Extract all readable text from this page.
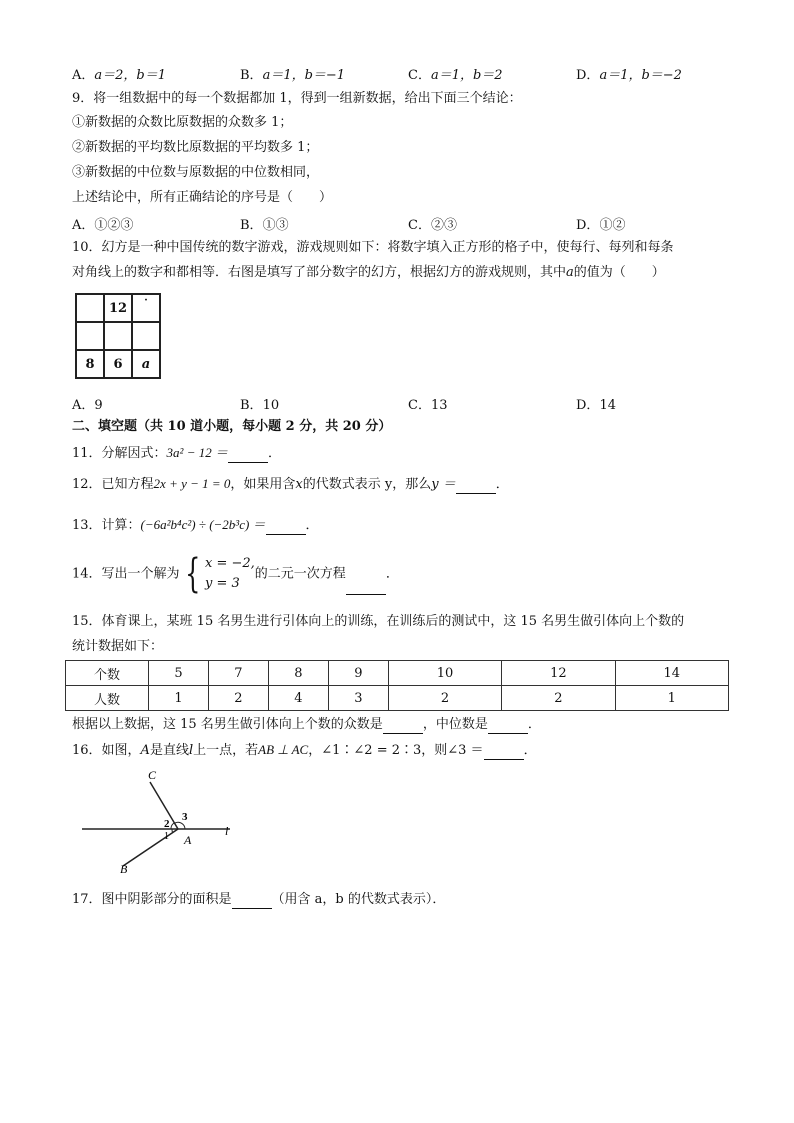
A．a＝2，b＝1	B．a＝1，b＝−1	C．a＝1，b＝2	D．a＝1，b＝−2
9．将一组数据中的每一个数据都加 1，得到一组新数据，给出下面三个结论：
①新数据的众数比原数据的众数多 1；
②新数据的平均数比原数据的平均数多 1；
③新数据的中位数与原数据的中位数相同，
上述结论中，所有正确结论的序号是（　　）
A．①②③	B．①③	C．②③	D．①②
10．幻方是一种中国传统的数字游戏，游戏规则如下：将数字填入正方形的格子中，使每行、每列和每条
对角线上的数字和都相等．右图是填写了部分数字的幻方，根据幻方的游戏规则，其中a的值为（　　）
	12	·

8	6	a
A．9	B．10	C．13	D．14
二、填空题（共 10 道小题，每小题 2 分，共 20 分）
11．分解因式：3a² − 12 ＝	．
12．已知方程2x + y − 1 = 0，如果用含x的代数式表示 y，那么y ＝	．
13．计算：(−6a²b⁴c²) ÷ (−2b³c) ＝	．
14．写出一个解为 { x = −2,
y = 3的二元一次方程	．
15．体育课上，某班 15 名男生进行引体向上的训练，在训练后的测试中，这 15 名男生做引体向上个数的
统计数据如下：
个数	5	7	8	9	10	12	14
人数	1	2	4	3	2	2	1
根据以上数据，这 15 名男生做引体向上个数的众数是	，中位数是	．
16．如图，A是直线l上一点，若AB ⊥ AC，∠1∶∠2 = 2∶3，则∠3 ＝	．
C
B
A
l
1
2
3
17．图中阴影部分的面积是	（用含 a，b 的代数式表示）．
